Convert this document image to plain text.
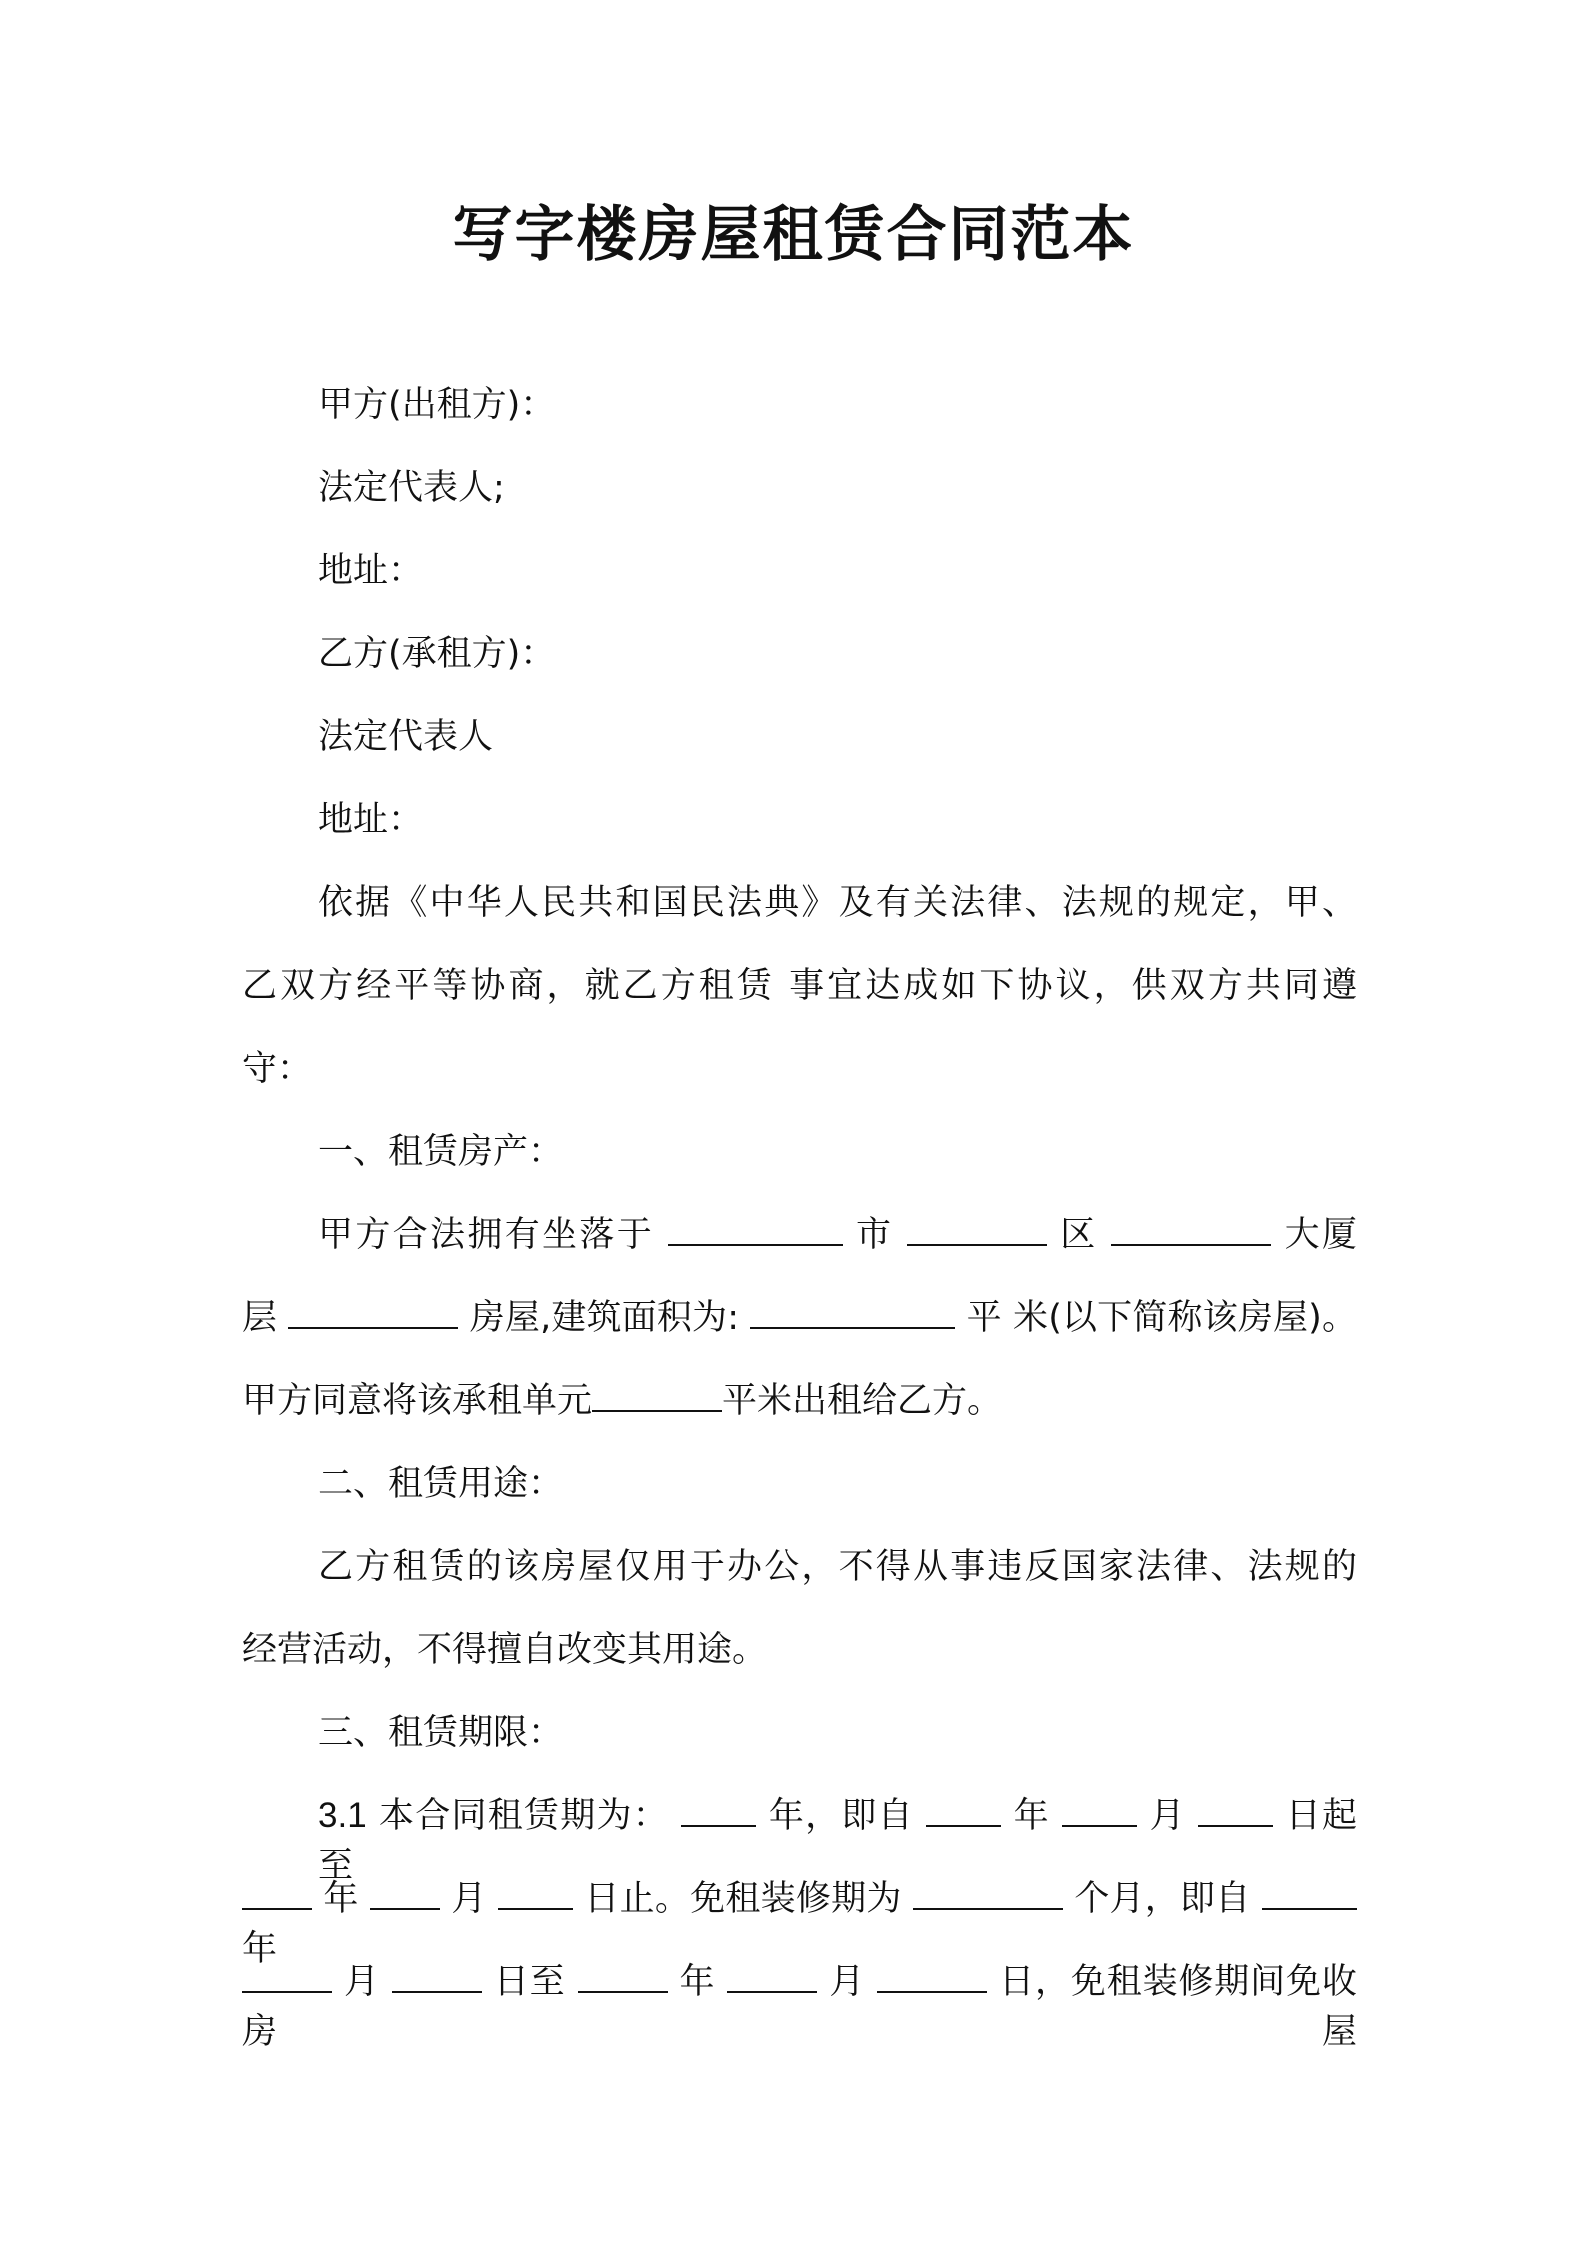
写字楼房屋租赁合同范本
甲方(出租方)：
法定代表人;
地址：
乙方(承租方)：
法定代表人
地址：
依据《中华人民共和国民法典》及有关法律、法规的规定，甲、
乙双方经平等协商，就乙方租赁 事宜达成如下协议，供双方共同遵
守：
一、租赁房产：
甲方合法拥有坐落于	市	区	大厦
层	房屋,建筑面积为:	平 米(以下简称该房屋)。
甲方同意将该承租单元	平米出租给乙方。
二、租赁用途：
乙方租赁的该房屋仅用于办公，不得从事违反国家法律、法规的
经营活动，不得擅自改变其用途。
三、租赁期限：
3.1 本合同租赁期为：	年，即自	年	月	日起至
年	月  日止。免租装修期为	个月，即自  年
月	日至	年	月	日，免租装修期间免收房屋
